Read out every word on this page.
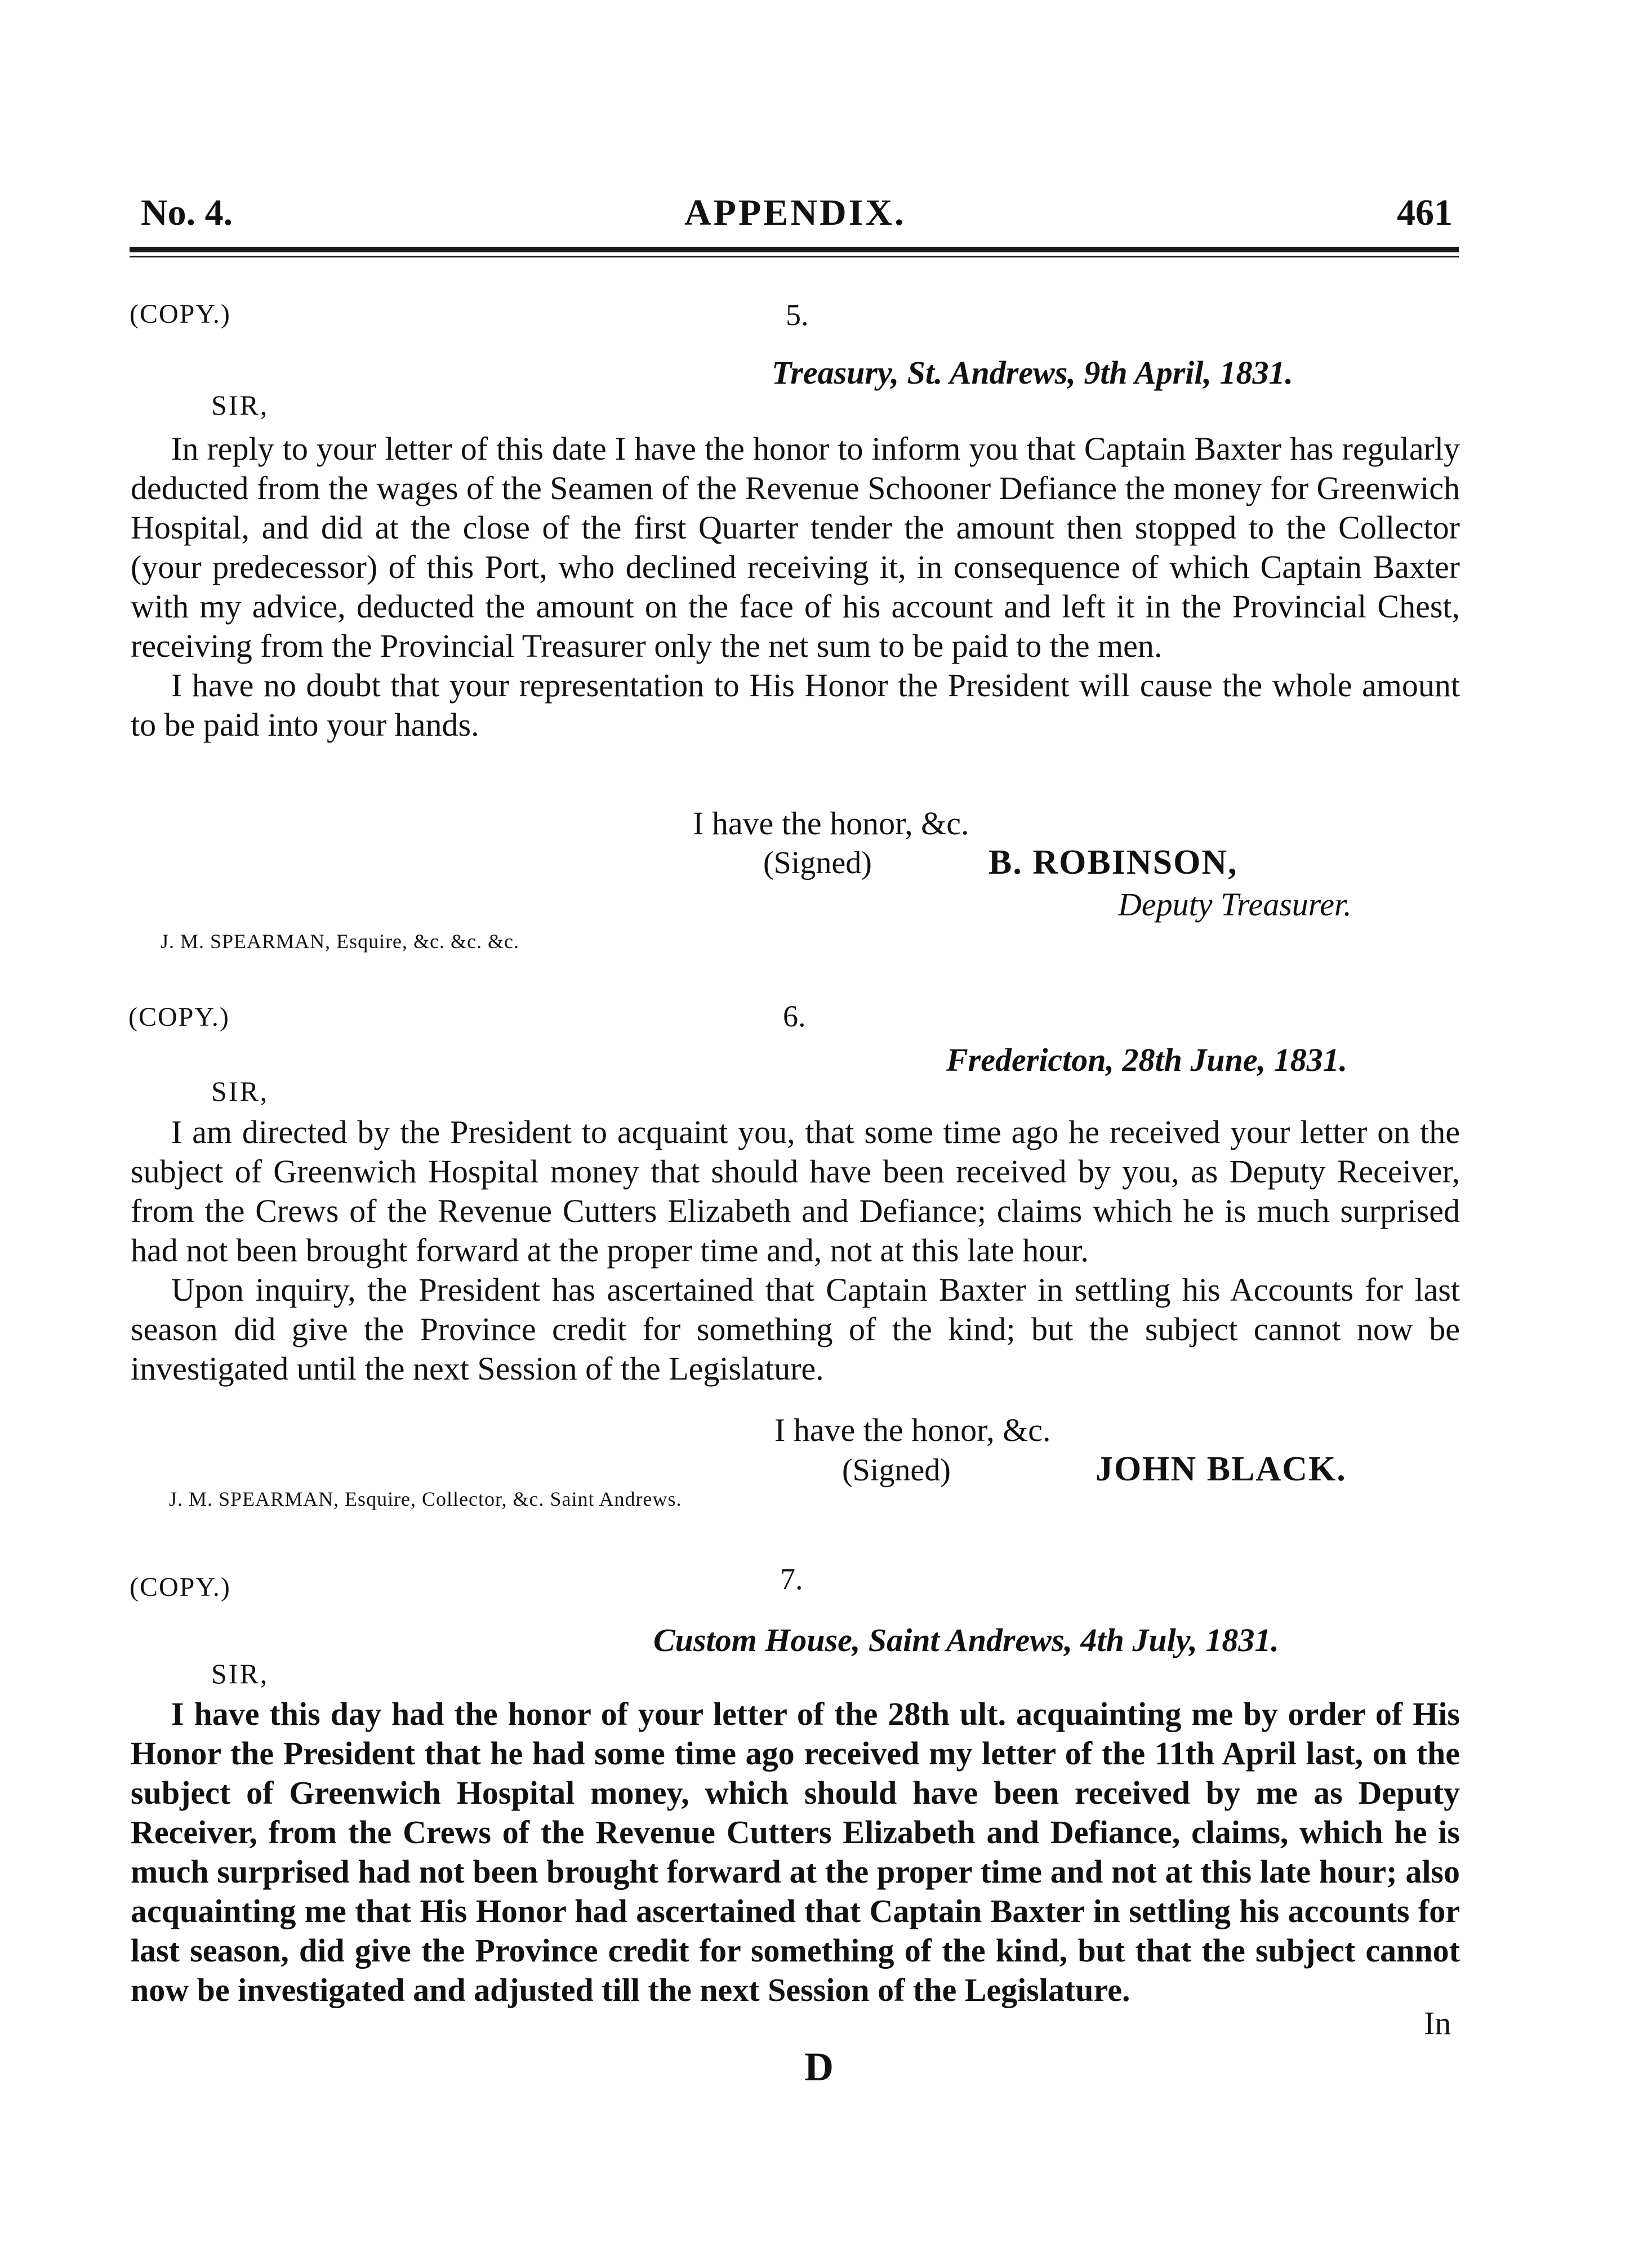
No. 4.	APPENDIX.	461
(COPY.)	5.
Treasury, St. Andrews, 9th April, 1831.
SIR,

In reply to your letter of this date I have the honor to inform you that Captain Baxter has regularly deducted from the wages of the Seamen of the Revenue Schooner Defiance the money for Greenwich Hospital, and did at the close of the first Quarter tender the amount then stopped to the Collector (your predecessor) of this Port, who declined receiving it, in consequence of which Captain Baxter with my advice, deducted the amount on the face of his account and left it in the Provincial Chest, receiving from the Provincial Treasurer only the net sum to be paid to the men.

I have no doubt that your representation to His Honor the President will cause the whole amount to be paid into your hands.

I have the honor, &c.
(Signed)	B. ROBINSON,
Deputy Treasurer.
J. M. SPEARMAN, Esquire, &c. &c. &c.
(COPY.)	6.
Fredericton, 28th June, 1831.
SIR,

I am directed by the President to acquaint you, that some time ago he received your letter on the subject of Greenwich Hospital money that should have been received by you, as Deputy Receiver, from the Crews of the Revenue Cutters Elizabeth and Defiance; claims which he is much surprised had not been brought forward at the proper time and, not at this late hour.

Upon inquiry, the President has ascertained that Captain Baxter in settling his Accounts for last season did give the Province credit for something of the kind; but the subject cannot now be investigated until the next Session of the Legislature.

I have the honor, &c.
(Signed)	JOHN BLACK.
J. M. SPEARMAN, Esquire, Collector, &c. Saint Andrews.
(COPY.)	7.
Custom House, Saint Andrews, 4th July, 1831.
SIR,

I have this day had the honor of your letter of the 28th ult. acquainting me by order of His Honor the President that he had some time ago received my letter of the 11th April last, on the subject of Greenwich Hospital money, which should have been received by me as Deputy Receiver, from the Crews of the Revenue Cutters Elizabeth and Defiance, claims, which he is much surprised had not been brought forward at the proper time and not at this late hour; also acquainting me that His Honor had ascertained that Captain Baxter in settling his accounts for last season, did give the Province credit for something of the kind, but that the subject cannot now be investigated and adjusted till the next Session of the Legislature.

In
D
